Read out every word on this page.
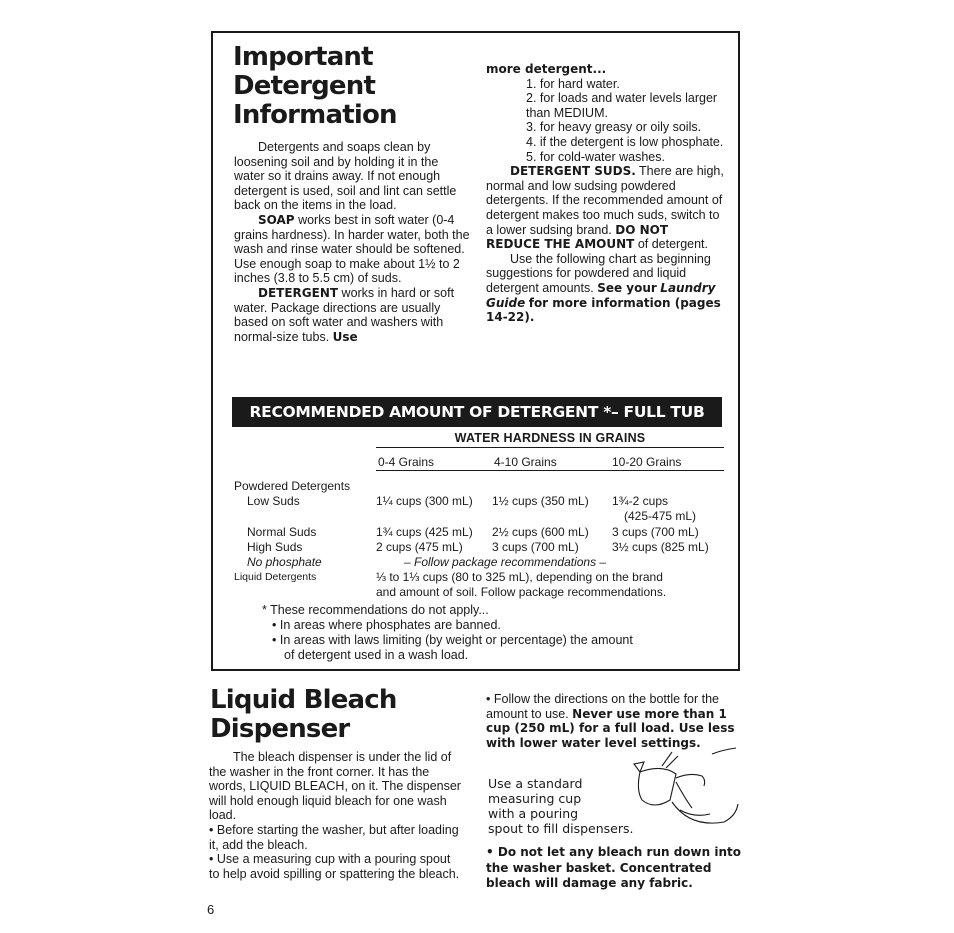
Important
Detergent
Information

Detergents and soaps clean by loosening soil and by holding it in the water so it drains away. If not enough detergent is used, soil and lint can settle back on the items in the load.

SOAP works best in soft water (0-4 grains hardness). In harder water, both the wash and rinse water should be softened. Use enough soap to make about 1½ to 2 inches (3.8 to 5.5 cm) of suds.

DETERGENT works in hard or soft water. Package directions are usually based on soft water and washers with normal-size tubs. Use

more detergent...

1. for hard water.

2. for loads and water levels larger than MEDIUM.

3. for heavy greasy or oily soils.

4. if the detergent is low phosphate.

5. for cold-water washes.

DETERGENT SUDS. There are high, normal and low sudsing powdered detergents. If the recommended amount of detergent makes too much suds, switch to a lower sudsing brand. DO NOT REDUCE THE AMOUNT of detergent.

Use the following chart as beginning suggestions for powdered and liquid detergent amounts. See your Laundry Guide for more information (pages 14-22).

RECOMMENDED AMOUNT OF DETERGENT *– FULL TUB
WATER HARDNESS IN GRAINS
0-4 Grains	4-10 Grains	10-20 Grains
Powdered Detergents
Low Suds	1¼ cups (300 mL) 1½ cups (350 mL) 1¾-2 cups
(425-475 mL)
Normal Suds	1¾ cups (425 mL) 2½ cups (600 mL) 3 cups (700 mL)
High Suds	2 cups (475 mL) 3 cups (700 mL)	3½ cups (825 mL)
No phosphate	– Follow package recommendations –
Liquid Detergents	⅓ to 1⅓ cups (80 to 325 mL), depending on the brand
and amount of soil. Follow package recommendations.

* These recommendations do not apply...

• In areas where phosphates are banned.

• In areas with laws limiting (by weight or percentage) the amount

of detergent used in a wash load.

Liquid Bleach
Dispenser

The bleach dispenser is under the lid of the washer in the front corner. It has the words, LIQUID BLEACH, on it. The dispenser will hold enough liquid bleach for one wash load.

• Before starting the washer, but after loading it, add the bleach.

• Use a measuring cup with a pouring spout to help avoid spilling or spattering the bleach.

• Follow the directions on the bottle for the amount to use. Never use more than 1 cup (250 mL) for a full load. Use less with lower water level settings.

Use a standard

measuring cup

with a pouring

spout to fill dispensers.

• Do not let any bleach run down into the washer basket. Concentrated bleach will damage any fabric.

6
